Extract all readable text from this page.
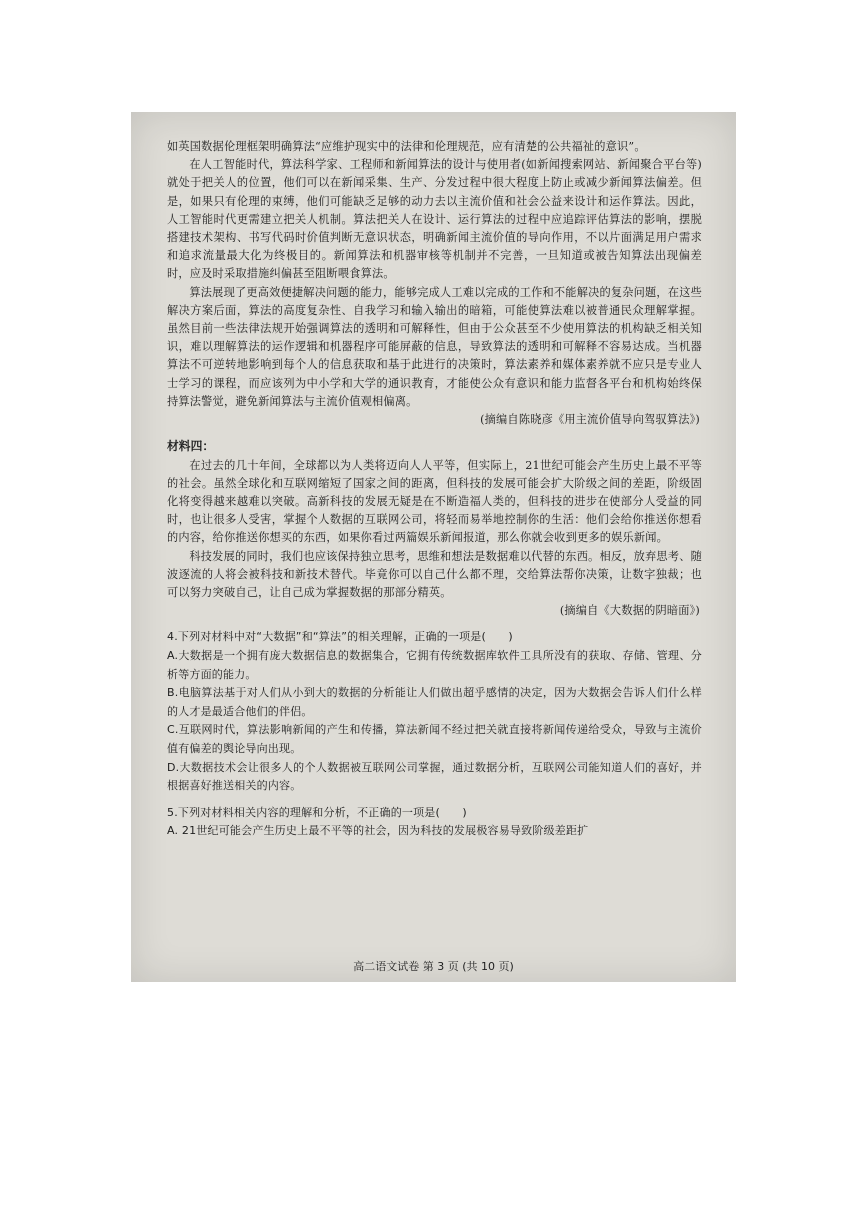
如英国数据伦理框架明确算法“应维护现实中的法律和伦理规范，应有清楚的公共福祉的意识”。

在人工智能时代，算法科学家、工程师和新闻算法的设计与使用者(如新闻搜索网站、新闻聚合平台等)就处于把关人的位置，他们可以在新闻采集、生产、分发过程中很大程度上防止或减少新闻算法偏差。但是，如果只有伦理的束缚，他们可能缺乏足够的动力去以主流价值和社会公益来设计和运作算法。因此，人工智能时代更需建立把关人机制。算法把关人在设计、运行算法的过程中应追踪评估算法的影响，摆脱搭建技术架构、书写代码时价值判断无意识状态，明确新闻主流价值的导向作用，不以片面满足用户需求和追求流量最大化为终极目的。新闻算法和机器审核等机制并不完善，一旦知道或被告知算法出现偏差时，应及时采取措施纠偏甚至阻断喂食算法。

算法展现了更高效便捷解决问题的能力，能够完成人工难以完成的工作和不能解决的复杂问题，在这些解决方案后面，算法的高度复杂性、自我学习和输入输出的暗箱，可能使算法难以被普通民众理解掌握。虽然目前一些法律法规开始强调算法的透明和可解释性，但由于公众甚至不少使用算法的机构缺乏相关知识，难以理解算法的运作逻辑和机器程序可能屏蔽的信息，导致算法的透明和可解释不容易达成。当机器算法不可逆转地影响到每个人的信息获取和基于此进行的决策时，算法素养和媒体素养就不应只是专业人士学习的课程，而应该列为中小学和大学的通识教育，才能使公众有意识和能力监督各平台和机构始终保持算法警觉，避免新闻算法与主流价值观相偏离。

(摘编自陈晓彦《用主流价值导向驾驭算法》)

材料四：

在过去的几十年间，全球都以为人类将迈向人人平等，但实际上，21世纪可能会产生历史上最不平等的社会。虽然全球化和互联网缩短了国家之间的距离，但科技的发展可能会扩大阶级之间的差距，阶级固化将变得越来越难以突破。高新科技的发展无疑是在不断造福人类的，但科技的进步在使部分人受益的同时，也让很多人受害，掌握个人数据的互联网公司，将轻而易举地控制你的生活：他们会给你推送你想看的内容，给你推送你想买的东西，如果你看过两篇娱乐新闻报道，那么你就会收到更多的娱乐新闻。

科技发展的同时，我们也应该保持独立思考，思维和想法是数据难以代替的东西。相反，放弃思考、随波逐流的人将会被科技和新技术替代。毕竟你可以自己什么都不理，交给算法帮你决策，让数字独裁；也可以努力突破自己，让自己成为掌握数据的那部分精英。

(摘编自《大数据的阴暗面》)

4.下列对材料中对“大数据”和“算法”的相关理解，正确的一项是(　　)

A.大数据是一个拥有庞大数据信息的数据集合，它拥有传统数据库软件工具所没有的获取、存储、管理、分析等方面的能力。

B.电脑算法基于对人们从小到大的数据的分析能让人们做出超乎感情的决定，因为大数据会告诉人们什么样的人才是最适合他们的伴侣。

C.互联网时代，算法影响新闻的产生和传播，算法新闻不经过把关就直接将新闻传递给受众，导致与主流价值有偏差的舆论导向出现。

D.大数据技术会让很多人的个人数据被互联网公司掌握，通过数据分析，互联网公司能知道人们的喜好，并根据喜好推送相关的内容。

5.下列对材料相关内容的理解和分析，不正确的一项是(　　)

A. 21世纪可能会产生历史上最不平等的社会，因为科技的发展极容易导致阶级差距扩

高二语文试卷 第 3 页 (共 10 页)
